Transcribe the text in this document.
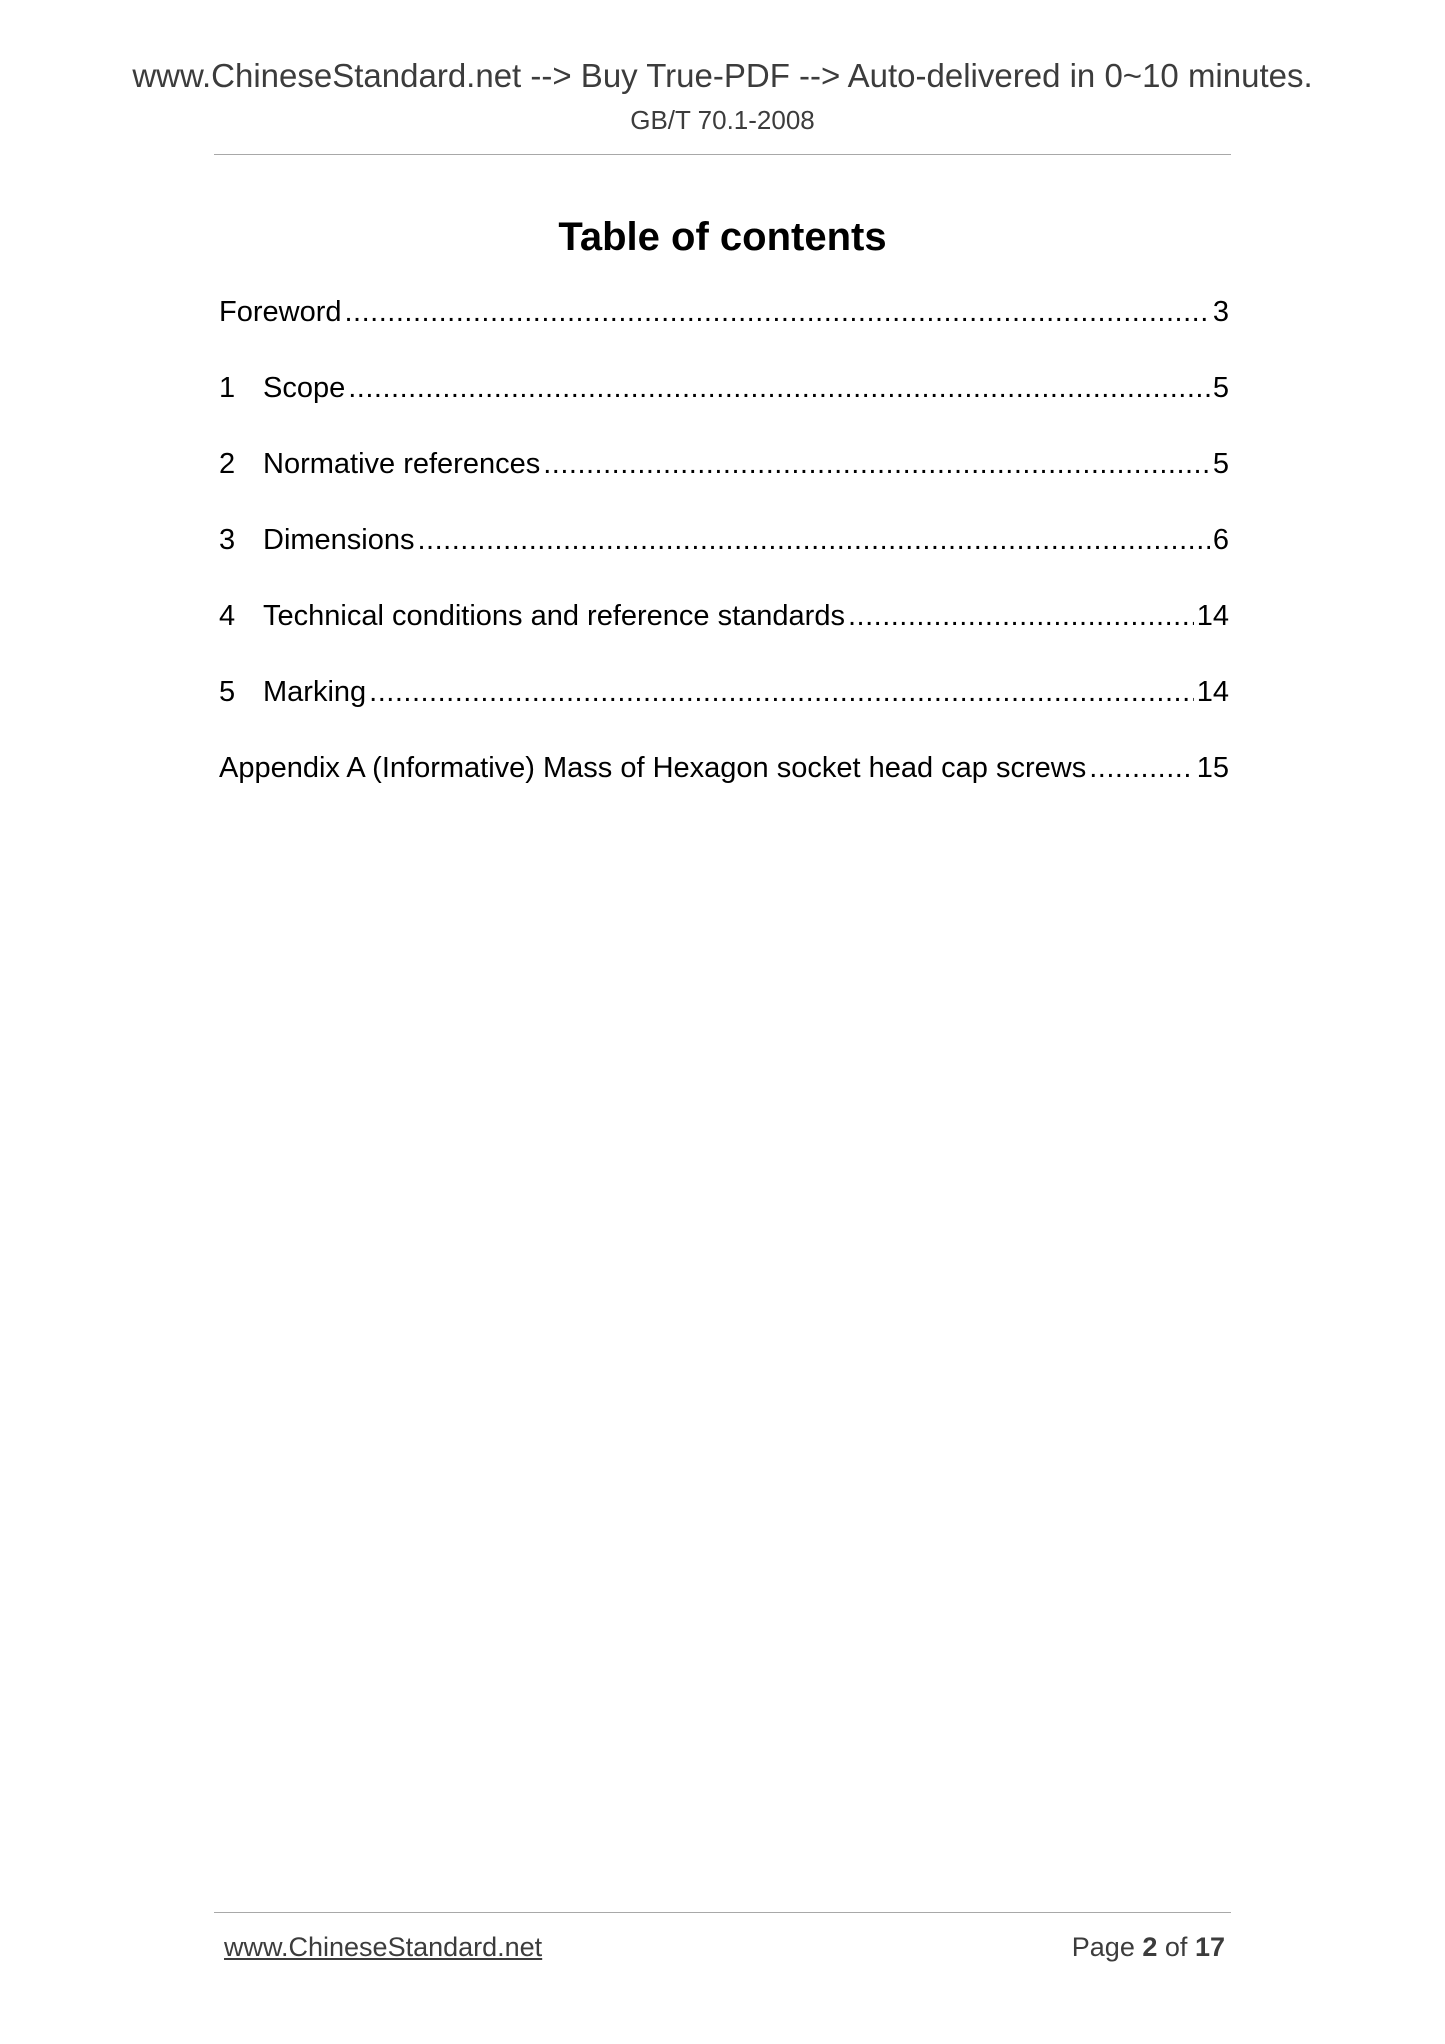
www.ChineseStandard.net --> Buy True-PDF --> Auto-delivered in 0~10 minutes.
GB/T 70.1-2008
Table of contents
Foreword .....	3
1 Scope .....	5
2 Normative references .....	5
3 Dimensions .....	6
4 Technical conditions and reference standards .....	14
5 Marking .....	14
Appendix A (Informative) Mass of Hexagon socket head cap screws .....	15
www.ChineseStandard.net	Page 2 of 17
